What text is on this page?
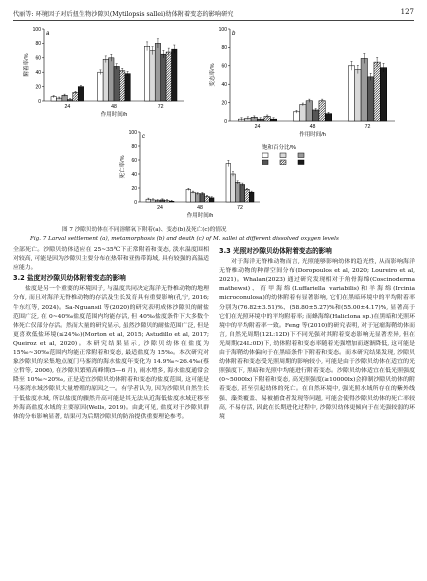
代丽等: 环境因子对后扭生物沙隙贝(Mytilopsis sallei)幼体附着变态的影响研究	127
附着率/%
0
20
40
60
80
100
24	48	72
作用时间/h
a
变态率/%
0
20
40
60
80
100
24	48	72
作用时间/h
b
死亡率/%
0
20
40
60
80
100
24	48	72
作用时间/h
c
饱和百分比/%
图 7 沙隙贝幼体在不同溶解氧下附着(a)、变态(b)及死亡(c)的情况
Fig. 7 Larval settlement (a), metamorphosis (b) and death (c) of M. sallei at different dissolved oxygen levels

全部死亡。沙隙贝幼体适应在 25~35℃下正常附着和变态, 淡水温度围相对较高, 可能是因为沙隙贝主要分布在热带和亚热带海域, 具有较强的高温适应能力。

3.2 盐度对沙隙贝幼体附着变态的影响

盐度是另一个重要的环境因子, 与温度共同决定海洋无脊椎动物的地理分布, 而且对海洋无脊椎动物的存活及生长发育具有重要影响(孔宁, 2016; 牛东红等, 2024)。Sa-Nguansil 等(2020)的研究表明成体沙隙贝的耐盐范围广泛, 在 0~40‰盐度范围内均能存活, 但 40‰盐度条件下大多数个体死亡仅部分存活。然而大量的研究显示, 虽然沙隙贝的耐盐范围广泛, 但是更喜欢低盐环境(≤24‰)(Morton et al, 2015; Astudillo et al, 2017; Queiroz et al, 2020)。本研究结果显示, 沙隙贝幼体在盐度为 15‰~30‰范围内均能正常附着和变态, 最适盐度为 15‰。本次研究对象沙隙贝的采集地点厦门马銮湾的海水盐度年变化为 14.9‰~26.4‰(蔡立哲等, 2006), 在沙隙贝繁殖高峰期(5—6 月), 雨水增多, 海水盐度通常会降至 10‰~20‰, 正是适宜沙隙贝幼体附着和变态的盐度范围, 这可能是马銮湾水域沙隙贝大量增殖的原因之一。有学者认为, 因为沙隙贝自然生长于低盐度水域, 所以盐度的骤然升高可能是其无法从近海低盐度水域迁移至外海高盐度水域的主要原因(Wells, 2019)。由此可见, 盐度对于沙隙贝群体的分布影响显著, 结果可为后期沙隙贝的防治提供重要理论参考。

3.3 光照对沙隙贝幼体附着变态的影响

对于海洋无脊椎动物而言, 光照能够影响幼体的趋光性, 从而影响海洋无脊椎动物的种群空间分布(Doropoulos et al, 2020; Loureiro et al, 2021)。Whalan(2023) 通过研究发现相对于角骨海绵(Coscinoderma mathewsi)、育甲海绵(Luffariella variabilis)和羊海绵(Ircinia microconulosa)的幼体附着有显著影响, 它们在黑暗环境中的平均附着率分别为(76.82±3.51)%、(58.80±5.27)%和(55.00±4.17)%, 显著高于它们在光照环境中的平均附着率; 而蜂海绵(Haliclona sp.)在黑暗和光照环境中的平均附着率一致。Feng 等(2010)的研究表明, 对于冠瘤海鞘幼体而言, 自然光周期(12L:12D)下不同光强对其附着变态影响无显著差异, 但在光周期(24L:0D)下, 幼体附着和变态率随着光强增加而逐渐降低, 这可能是由于海鞘幼体偏向于在黑暗条件下附着和变态。而本研究结果发现, 沙隙贝幼体附着和变态受光照周期的影响较小, 可能是由于沙隙贝幼体在适宜的光照强度下, 黑暗和光照中均能进行附着变态。沙隙贝幼体适宜在低光照强度(0~5000lx)下附着和变态, 高光照强度(≥10000lx)会抑制沙隙贝幼体的附着变态, 甚至引起幼体的死亡。在自然环境中, 强光照水域所存在的紫外线强、藻类覆盖、易被捕食者发现等问题, 可能会使得沙隙贝幼体的死亡率较高, 不易存活, 因此在长期进化过程中, 沙隙贝幼体更倾向于在光强较弱的环境
